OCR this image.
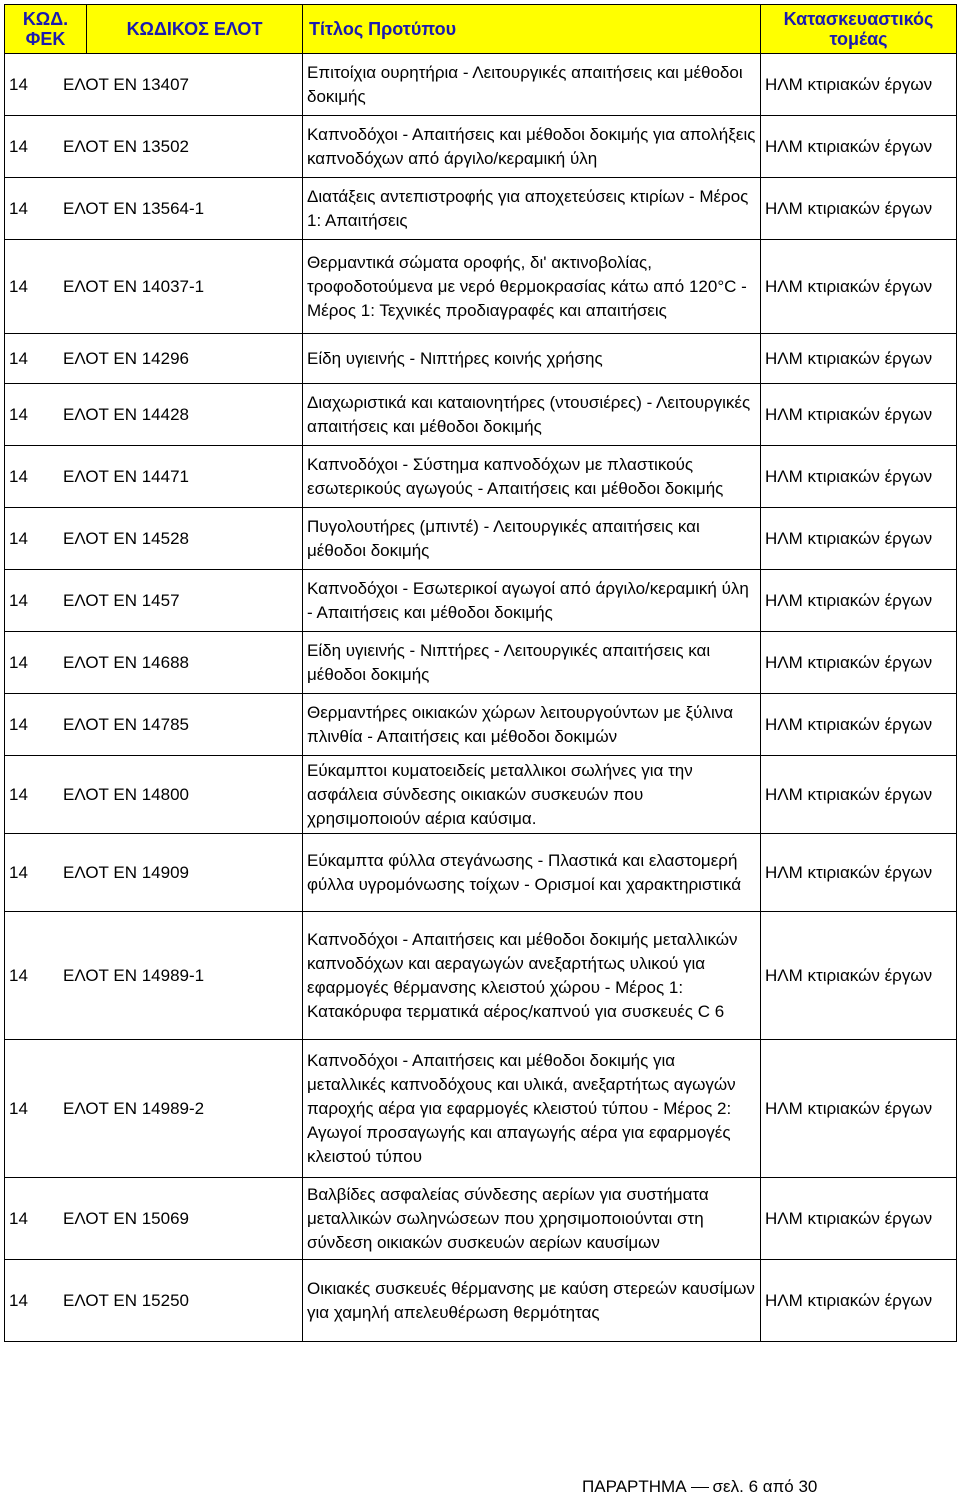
ΚΩΔ. ΦΕΚ	ΚΩΔΙΚΟΣ ΕΛΟΤ	Τίτλος Προτύπου	Κατασκευαστικός τομέας
14 ΕΛΟΤ ΕΝ 13407		Επιτοίχια ουρητήρια - Λειτουργικές απαιτήσεις και μέθοδοι δοκιμής	ΗΛΜ κτιριακών έργων
14 ΕΛΟΤ ΕΝ 13502		Καπνοδόχοι - Απαιτήσεις και μέθοδοι δοκιμής για απολήξεις καπνοδόχων από άργιλο/κεραμική ύλη	ΗΛΜ κτιριακών έργων
14 ΕΛΟΤ ΕΝ 13564-1		Διατάξεις αντεπιστροφής για αποχετεύσεις κτιρίων - Μέρος 1: Απαιτήσεις	ΗΛΜ κτιριακών έργων
14 ΕΛΟΤ ΕΝ 14037-1		Θερμαντικά σώματα οροφής, δι' ακτινοβολίας, τροφοδοτούμενα με νερό θερμοκρασίας κάτω από 120°C - Μέρος 1: Τεχνικές προδιαγραφές και απαιτήσεις	ΗΛΜ κτιριακών έργων
14 ΕΛΟΤ ΕΝ 14296		Είδη υγιεινής - Νιπτήρες κοινής χρήσης	ΗΛΜ κτιριακών έργων
14 ΕΛΟΤ ΕΝ 14428		Διαχωριστικά και καταιονητήρες (ντουσιέρες) - Λειτουργικές απαιτήσεις και μέθοδοι δοκιμής	ΗΛΜ κτιριακών έργων
14 ΕΛΟΤ ΕΝ 14471		Καπνοδόχοι - Σύστημα καπνοδόχων με πλαστικούς εσωτερικούς αγωγούς - Απαιτήσεις και μέθοδοι δοκιμής	ΗΛΜ κτιριακών έργων
14 ΕΛΟΤ ΕΝ 14528		Πυγολουτήρες (μπιντέ) - Λειτουργικές απαιτήσεις και μέθοδοι δοκιμής	ΗΛΜ κτιριακών έργων
14 ΕΛΟΤ ΕΝ 1457		Καπνοδόχοι - Εσωτερικοί αγωγοί από άργιλο/κεραμική ύλη - Απαιτήσεις και μέθοδοι δοκιμής	ΗΛΜ κτιριακών έργων
14 ΕΛΟΤ ΕΝ 14688		Είδη υγιεινής - Νιπτήρες - Λειτουργικές απαιτήσεις και μέθοδοι δοκιμής	ΗΛΜ κτιριακών έργων
14 ΕΛΟΤ ΕΝ 14785		Θερμαντήρες οικιακών χώρων λειτουργούντων με ξύλινα πλινθία - Απαιτήσεις και μέθοδοι δοκιμών	ΗΛΜ κτιριακών έργων
14 ΕΛΟΤ ΕΝ 14800		Εύκαμπτοι κυματοειδείς μεταλλικοι σωλήνες για την ασφάλεια σύνδεσης οικιακών συσκευών που χρησιμοποιούν αέρια καύσιμα.	ΗΛΜ κτιριακών έργων
14 ΕΛΟΤ ΕΝ 14909		Εύκαμπτα φύλλα στεγάνωσης - Πλαστικά και ελαστομερή φύλλα υγρομόνωσης τοίχων - Ορισμοί και χαρακτηριστικά	ΗΛΜ κτιριακών έργων
14 ΕΛΟΤ ΕΝ 14989-1		Καπνοδόχοι - Απαιτήσεις και μέθοδοι δοκιμής μεταλλικών καπνοδόχων και αεραγωγών ανεξαρτήτως υλικού για εφαρμογές θέρμανσης κλειστού χώρου - Μέρος 1: Κατακόρυφα τερματικά αέρος/καπνού για συσκευές C 6	ΗΛΜ κτιριακών έργων
14 ΕΛΟΤ ΕΝ 14989-2		Καπνοδόχοι - Απαιτήσεις και μέθοδοι δοκιμής για μεταλλικές καπνοδόχους και υλικά, ανεξαρτήτως αγωγών παροχής αέρα για εφαρμογές κλειστού τύπου - Μέρος 2: Αγωγοί προσαγωγής και απαγωγής αέρα για εφαρμογές κλειστού τύπου	ΗΛΜ κτιριακών έργων
14 ΕΛΟΤ ΕΝ 15069		Βαλβίδες ασφαλείας σύνδεσης αερίων για συστήματα μεταλλικών σωληνώσεων που χρησιμοποιούνται στη σύνδεση οικιακών συσκευών αερίων καυσίμων	ΗΛΜ κτιριακών έργων
14 ΕΛΟΤ ΕΝ 15250		Οικιακές συσκευές θέρμανσης με καύση στερεών καυσίμων για χαμηλή απελευθέρωση θερμότητας	ΗΛΜ κτιριακών έργων
ΠΑΡΑΡΤΗΜΑ σελ. 6 από 30
